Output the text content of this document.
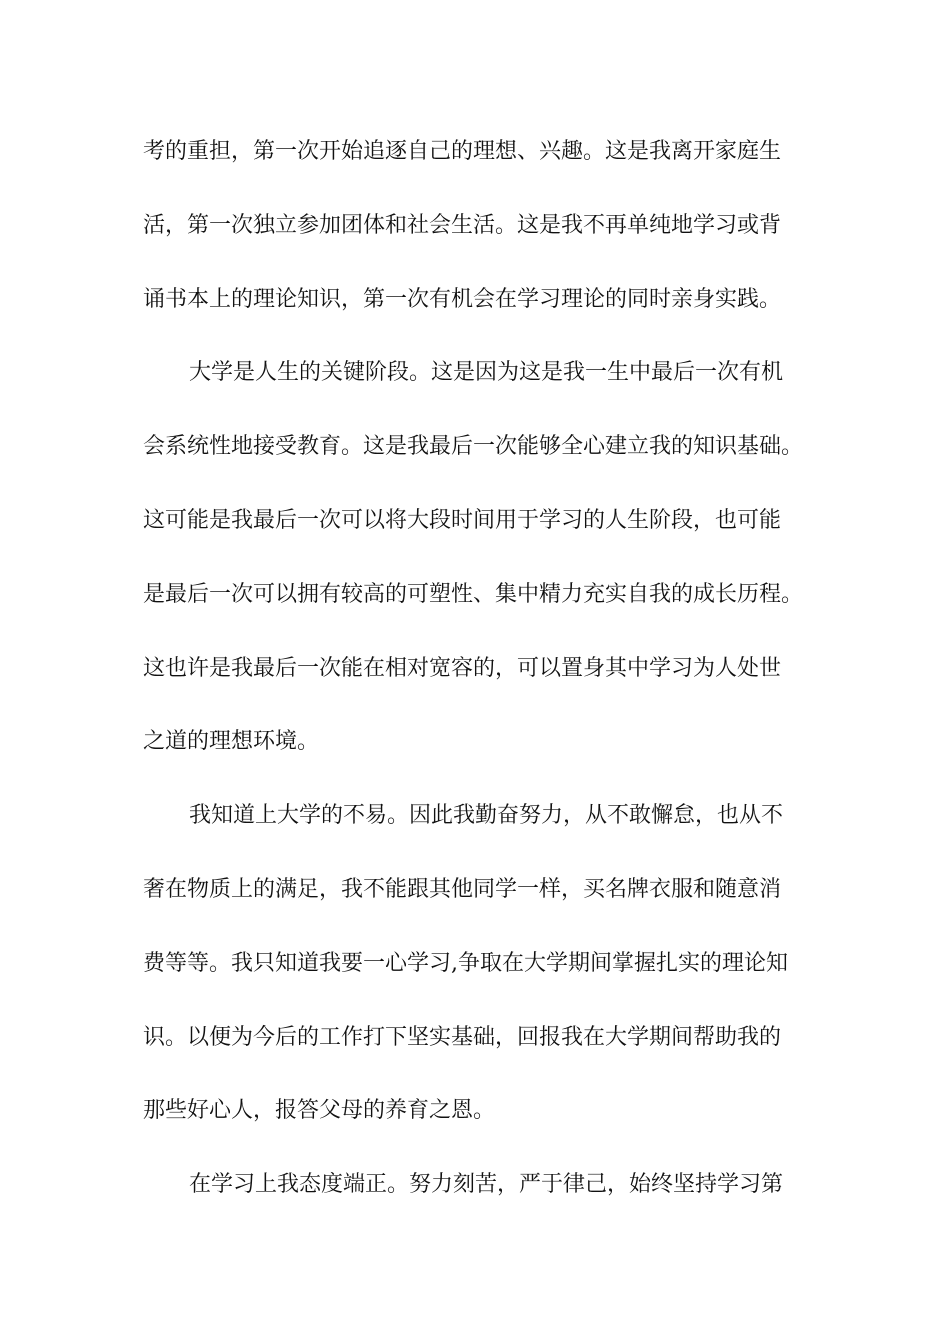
考的重担，第一次开始追逐自己的理想、兴趣。这是我离开家庭生
活，第一次独立参加团体和社会生活。这是我不再单纯地学习或背
诵书本上的理论知识，第一次有机会在学习理论的同时亲身实践。
大学是人生的关键阶段。这是因为这是我一生中最后一次有机
会系统性地接受教育。这是我最后一次能够全心建立我的知识基础。
这可能是我最后一次可以将大段时间用于学习的人生阶段，也可能
是最后一次可以拥有较高的可塑性、集中精力充实自我的成长历程。
这也许是我最后一次能在相对宽容的，可以置身其中学习为人处世
之道的理想环境。
我知道上大学的不易。因此我勤奋努力，从不敢懈怠，也从不
奢在物质上的满足，我不能跟其他同学一样，买名牌衣服和随意消
费等等。我只知道我要一心学习,争取在大学期间掌握扎实的理论知
识。以便为今后的工作打下坚实基础，回报我在大学期间帮助我的
那些好心人，报答父母的养育之恩。
在学习上我态度端正。努力刻苦，严于律己，始终坚持学习第
